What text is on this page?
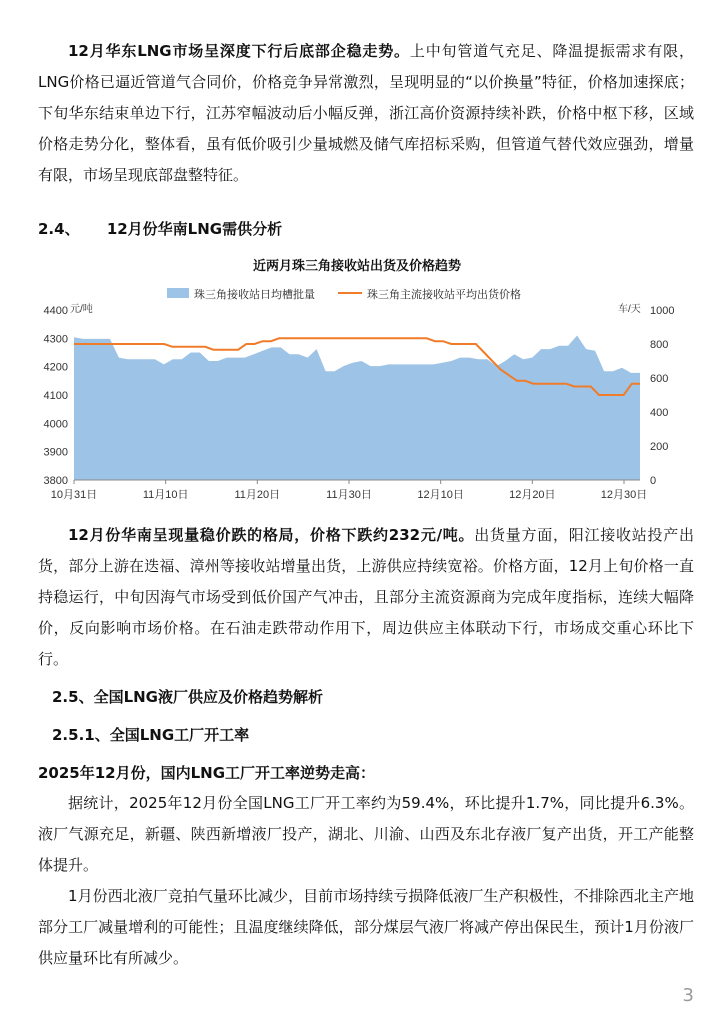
12月华东LNG市场呈深度下行后底部企稳走势。上中旬管道气充足、降温提振需求有限，LNG价格已逼近管道气合同价，价格竞争异常激烈，呈现明显的“以价换量”特征，价格加速探底；下旬华东结束单边下行，江苏窄幅波动后小幅反弹，浙江高价资源持续补跌，价格中枢下移，区域价格走势分化，整体看，虽有低价吸引少量城燃及储气库招标采购，但管道气替代效应强劲，增量有限，市场呈现底部盘整特征。
2.4、 12月份华南LNG需供分析
近两月珠三角接收站出货及价格趋势
珠三角接收站日均槽批量	珠三角主流接收站平均出货价格
元/吨	车/天
3800
3900
4000
4100
4200
4300
4400
0
200
400
600
800
1000
10月31日	11月10日	11月20日	11月30日	12月10日	12月20日	12月30日
12月份华南呈现量稳价跌的格局，价格下跌约232元/吨。出货量方面，阳江接收站投产出货，部分上游在迭福、漳州等接收站增量出货，上游供应持续宽裕。价格方面，12月上旬价格一直持稳运行，中旬因海气市场受到低价国产气冲击，且部分主流资源商为完成年度指标，连续大幅降价，反向影响市场价格。在石油走跌带动作用下，周边供应主体联动下行，市场成交重心环比下行。
2.5、全国LNG液厂供应及价格趋势解析
2.5.1、全国LNG工厂开工率
2025年12月份，国内LNG工厂开工率逆势走高：
据统计，2025年12月份全国LNG工厂开工率约为59.4%，环比提升1.7%，同比提升6.3%。液厂气源充足，新疆、陕西新增液厂投产，湖北、川渝、山西及东北存液厂复产出货，开工产能整体提升。
1月份西北液厂竞拍气量环比减少，目前市场持续亏损降低液厂生产积极性，不排除西北主产地部分工厂减量增利的可能性；且温度继续降低，部分煤层气液厂将减产停出保民生，预计1月份液厂供应量环比有所减少。
3
